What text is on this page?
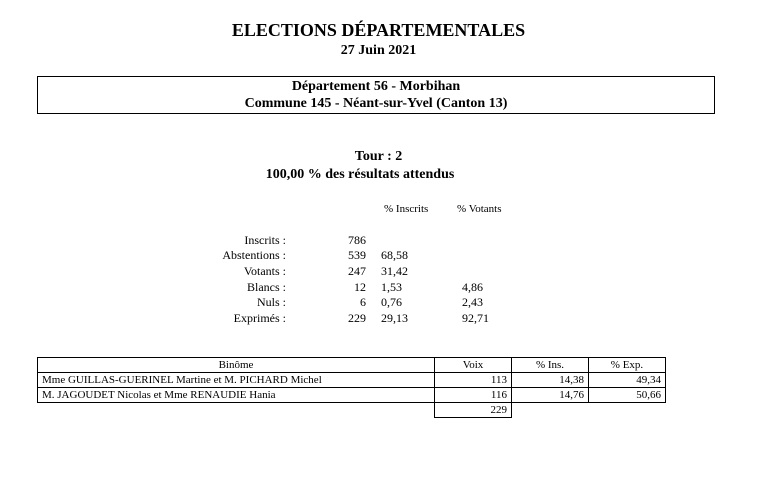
ELECTIONS DÉPARTEMENTALES
27 Juin 2021
Département 56 - Morbihan
Commune 145 - Néant-sur-Yvel (Canton 13)
Tour : 2
100,00 % des résultats attendus
% Inscrits	% Votants
Inscrits :	786
Abstentions :	539 68,58
Votants :	247 31,42
Blancs :	12 1,53	4,86
Nuls :	6 0,76	2,43
Exprimés :	229 29,13	92,71
Binôme	Voix	% Ins.	% Exp.
Mme GUILLAS-GUERINEL Martine et M. PICHARD Michel	113	14,38	49,34
M. JAGOUDET Nicolas et Mme RENAUDIE Hania	116	14,76	50,66
	229		
